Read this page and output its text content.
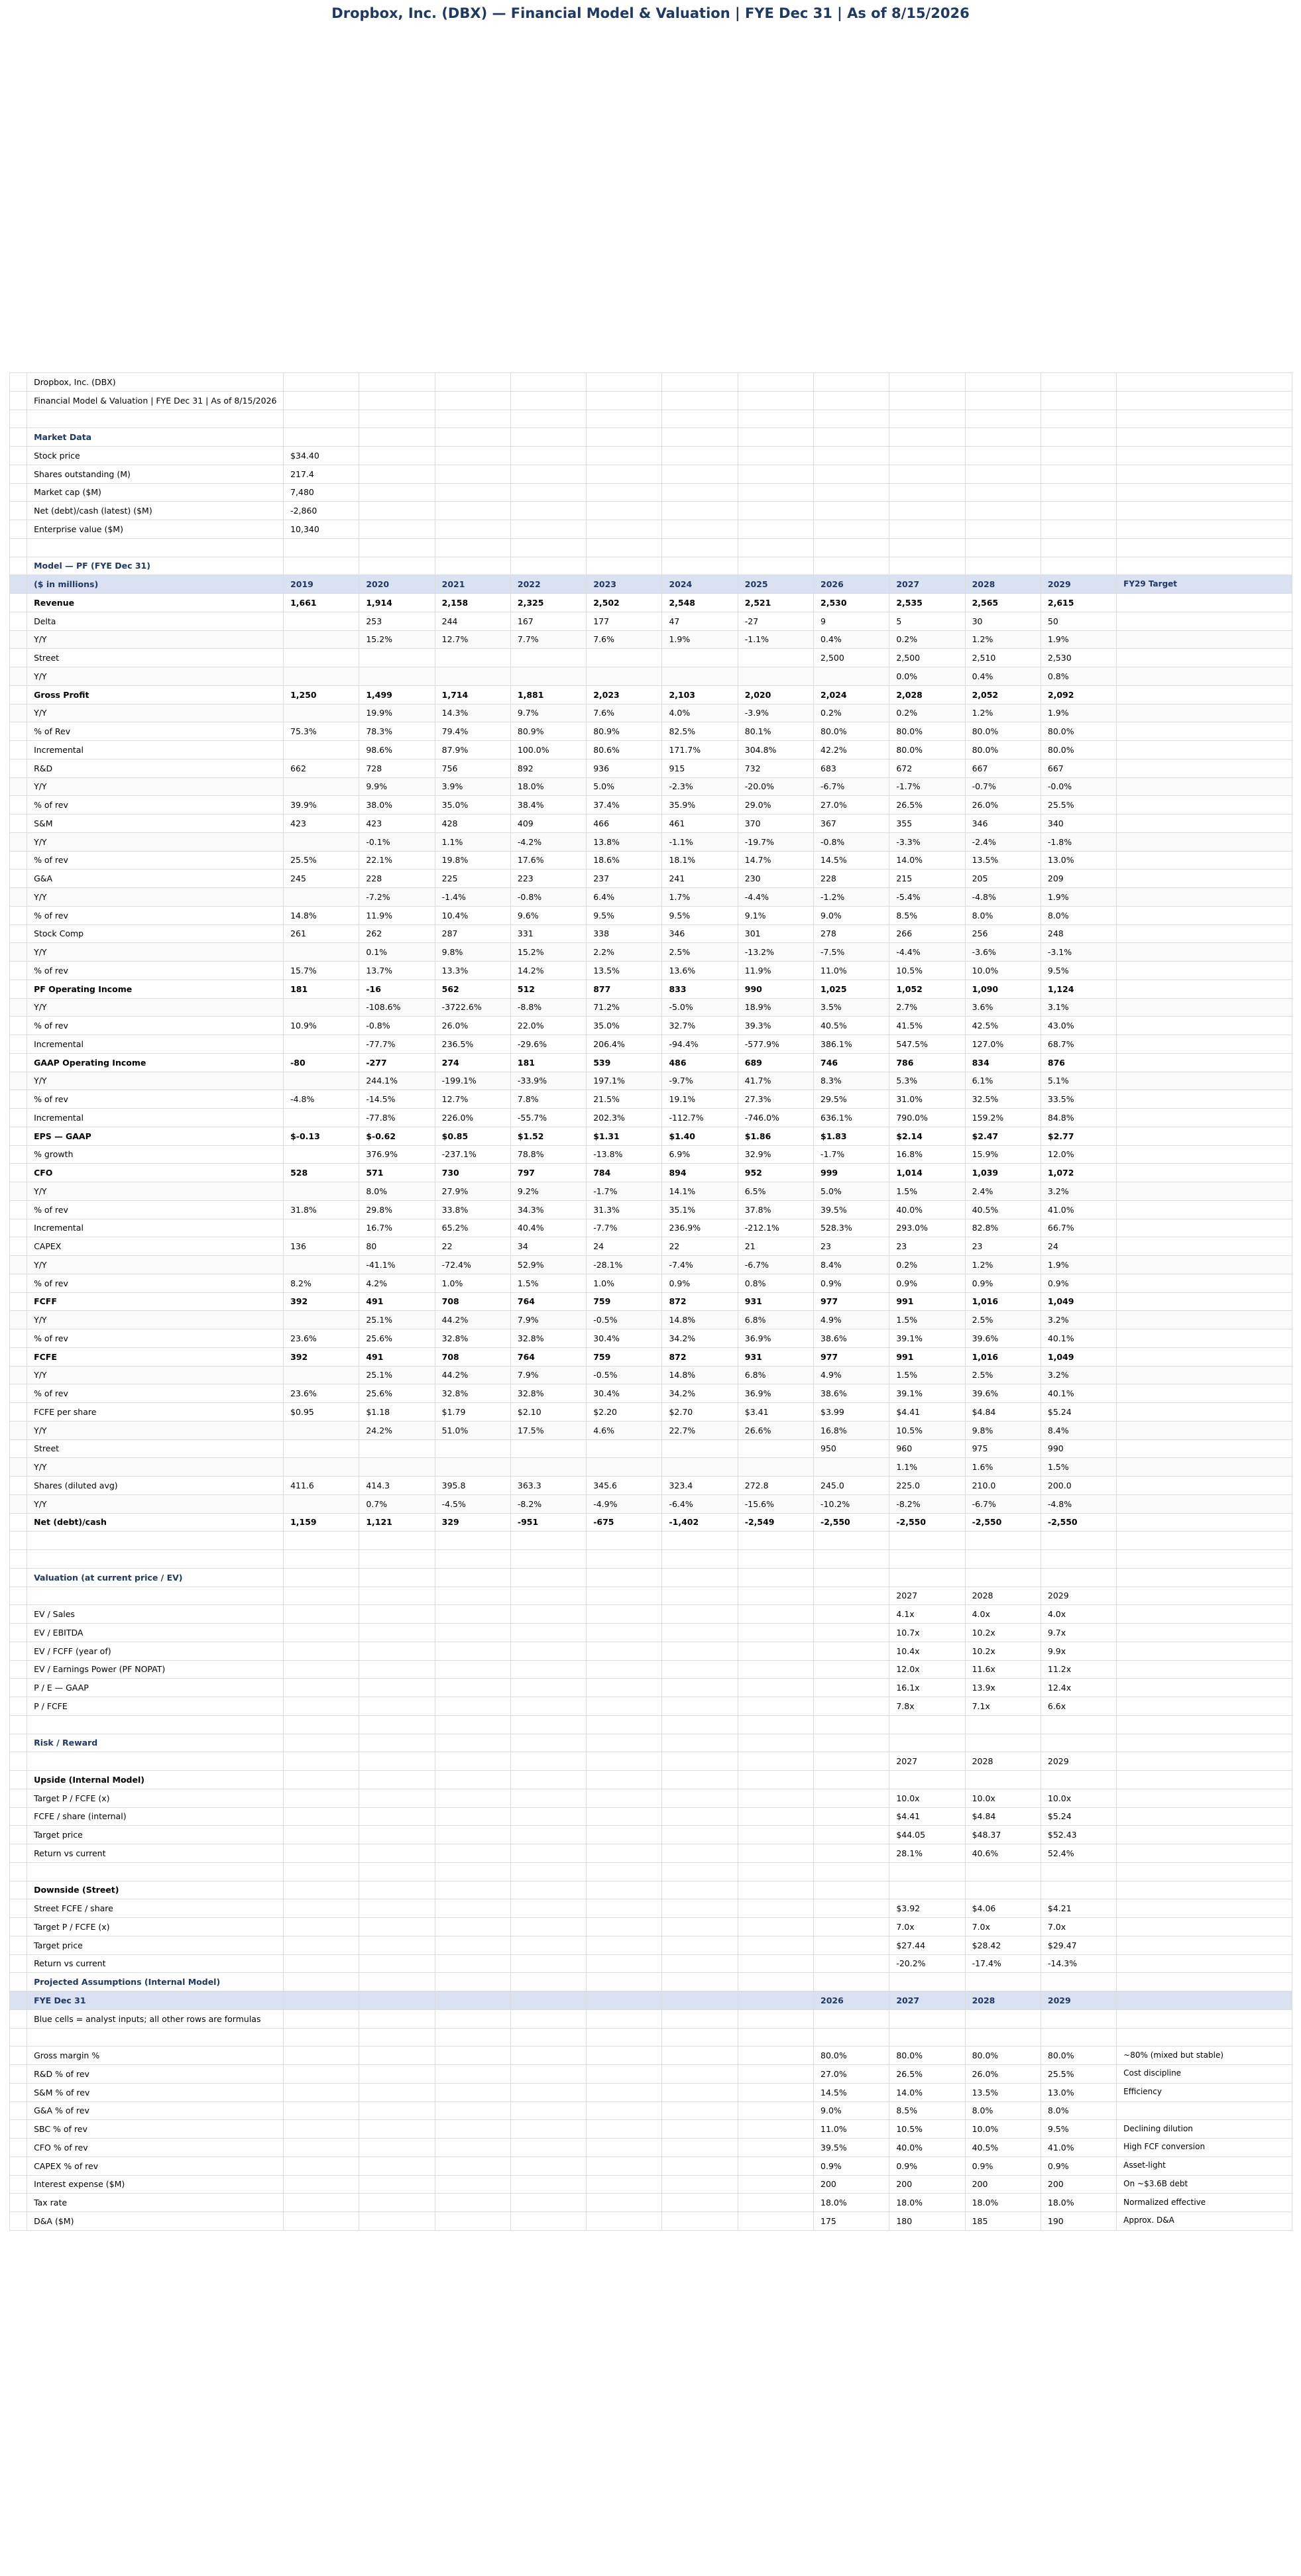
Dropbox, Inc. (DBX) — Financial Model & Valuation | FYE Dec 31 | As of 8/15/2026
	Dropbox, Inc. (DBX)												
	Financial Model & Valuation | FYE Dec 31 | As of 8/15/2026												

	Market Data												
	Stock price	$34.40											
	Shares outstanding (M)	217.4											
	Market cap ($M)	7,480											
	Net (debt)/cash (latest) ($M)	-2,860											
	Enterprise value ($M)	10,340											

	Model — PF (FYE Dec 31)												
	($ in millions)	2019	2020	2021	2022	2023	2024	2025	2026	2027	2028	2029	FY29 Target
	Revenue	1,661	1,914	2,158	2,325	2,502	2,548	2,521	2,530	2,535	2,565	2,615	
	Delta		253	244	167	177	47	-27	9	5	30	50	
	Y/Y		15.2%	12.7%	7.7%	7.6%	1.9%	-1.1%	0.4%	0.2%	1.2%	1.9%	
	Street								2,500	2,500	2,510	2,530	
	Y/Y									0.0%	0.4%	0.8%	
	Gross Profit	1,250	1,499	1,714	1,881	2,023	2,103	2,020	2,024	2,028	2,052	2,092	
	Y/Y		19.9%	14.3%	9.7%	7.6%	4.0%	-3.9%	0.2%	0.2%	1.2%	1.9%	
	% of Rev	75.3%	78.3%	79.4%	80.9%	80.9%	82.5%	80.1%	80.0%	80.0%	80.0%	80.0%	
	Incremental		98.6%	87.9%	100.0%	80.6%	171.7%	304.8%	42.2%	80.0%	80.0%	80.0%	
	R&D	662	728	756	892	936	915	732	683	672	667	667	
	Y/Y		9.9%	3.9%	18.0%	5.0%	-2.3%	-20.0%	-6.7%	-1.7%	-0.7%	-0.0%	
	% of rev	39.9%	38.0%	35.0%	38.4%	37.4%	35.9%	29.0%	27.0%	26.5%	26.0%	25.5%	
	S&M	423	423	428	409	466	461	370	367	355	346	340	
	Y/Y		-0.1%	1.1%	-4.2%	13.8%	-1.1%	-19.7%	-0.8%	-3.3%	-2.4%	-1.8%	
	% of rev	25.5%	22.1%	19.8%	17.6%	18.6%	18.1%	14.7%	14.5%	14.0%	13.5%	13.0%	
	G&A	245	228	225	223	237	241	230	228	215	205	209	
	Y/Y		-7.2%	-1.4%	-0.8%	6.4%	1.7%	-4.4%	-1.2%	-5.4%	-4.8%	1.9%	
	% of rev	14.8%	11.9%	10.4%	9.6%	9.5%	9.5%	9.1%	9.0%	8.5%	8.0%	8.0%	
	Stock Comp	261	262	287	331	338	346	301	278	266	256	248	
	Y/Y		0.1%	9.8%	15.2%	2.2%	2.5%	-13.2%	-7.5%	-4.4%	-3.6%	-3.1%	
	% of rev	15.7%	13.7%	13.3%	14.2%	13.5%	13.6%	11.9%	11.0%	10.5%	10.0%	9.5%	
	PF Operating Income	181	-16	562	512	877	833	990	1,025	1,052	1,090	1,124	
	Y/Y		-108.6%	-3722.6%	-8.8%	71.2%	-5.0%	18.9%	3.5%	2.7%	3.6%	3.1%	
	% of rev	10.9%	-0.8%	26.0%	22.0%	35.0%	32.7%	39.3%	40.5%	41.5%	42.5%	43.0%	
	Incremental		-77.7%	236.5%	-29.6%	206.4%	-94.4%	-577.9%	386.1%	547.5%	127.0%	68.7%	
	GAAP Operating Income	-80	-277	274	181	539	486	689	746	786	834	876	
	Y/Y		244.1%	-199.1%	-33.9%	197.1%	-9.7%	41.7%	8.3%	5.3%	6.1%	5.1%	
	% of rev	-4.8%	-14.5%	12.7%	7.8%	21.5%	19.1%	27.3%	29.5%	31.0%	32.5%	33.5%	
	Incremental		-77.8%	226.0%	-55.7%	202.3%	-112.7%	-746.0%	636.1%	790.0%	159.2%	84.8%	
	EPS — GAAP	$-0.13	$-0.62	$0.85	$1.52	$1.31	$1.40	$1.86	$1.83	$2.14	$2.47	$2.77	
	% growth		376.9%	-237.1%	78.8%	-13.8%	6.9%	32.9%	-1.7%	16.8%	15.9%	12.0%	
	CFO	528	571	730	797	784	894	952	999	1,014	1,039	1,072	
	Y/Y		8.0%	27.9%	9.2%	-1.7%	14.1%	6.5%	5.0%	1.5%	2.4%	3.2%	
	% of rev	31.8%	29.8%	33.8%	34.3%	31.3%	35.1%	37.8%	39.5%	40.0%	40.5%	41.0%	
	Incremental		16.7%	65.2%	40.4%	-7.7%	236.9%	-212.1%	528.3%	293.0%	82.8%	66.7%	
	CAPEX	136	80	22	34	24	22	21	23	23	23	24	
	Y/Y		-41.1%	-72.4%	52.9%	-28.1%	-7.4%	-6.7%	8.4%	0.2%	1.2%	1.9%	
	% of rev	8.2%	4.2%	1.0%	1.5%	1.0%	0.9%	0.8%	0.9%	0.9%	0.9%	0.9%	
	FCFF	392	491	708	764	759	872	931	977	991	1,016	1,049	
	Y/Y		25.1%	44.2%	7.9%	-0.5%	14.8%	6.8%	4.9%	1.5%	2.5%	3.2%	
	% of rev	23.6%	25.6%	32.8%	32.8%	30.4%	34.2%	36.9%	38.6%	39.1%	39.6%	40.1%	
	FCFE	392	491	708	764	759	872	931	977	991	1,016	1,049	
	Y/Y		25.1%	44.2%	7.9%	-0.5%	14.8%	6.8%	4.9%	1.5%	2.5%	3.2%	
	% of rev	23.6%	25.6%	32.8%	32.8%	30.4%	34.2%	36.9%	38.6%	39.1%	39.6%	40.1%	
	FCFE per share	$0.95	$1.18	$1.79	$2.10	$2.20	$2.70	$3.41	$3.99	$4.41	$4.84	$5.24	
	Y/Y		24.2%	51.0%	17.5%	4.6%	22.7%	26.6%	16.8%	10.5%	9.8%	8.4%	
	Street								950	960	975	990	
	Y/Y									1.1%	1.6%	1.5%	
	Shares (diluted avg)	411.6	414.3	395.8	363.3	345.6	323.4	272.8	245.0	225.0	210.0	200.0	
	Y/Y		0.7%	-4.5%	-8.2%	-4.9%	-6.4%	-15.6%	-10.2%	-8.2%	-6.7%	-4.8%	
	Net (debt)/cash	1,159	1,121	329	-951	-675	-1,402	-2,549	-2,550	-2,550	-2,550	-2,550	

	Valuation (at current price / EV)												
										2027	2028	2029	
	EV / Sales									4.1x	4.0x	4.0x	
	EV / EBITDA									10.7x	10.2x	9.7x	
	EV / FCFF (year of)									10.4x	10.2x	9.9x	
	EV / Earnings Power (PF NOPAT)									12.0x	11.6x	11.2x	
	P / E — GAAP									16.1x	13.9x	12.4x	
	P / FCFE									7.8x	7.1x	6.6x	

	Risk / Reward												
										2027	2028	2029	
	Upside (Internal Model)												
	Target P / FCFE (x)									10.0x	10.0x	10.0x	
	FCFE / share (internal)									$4.41	$4.84	$5.24	
	Target price									$44.05	$48.37	$52.43	
	Return vs current									28.1%	40.6%	52.4%	

	Downside (Street)												
	Street FCFE / share									$3.92	$4.06	$4.21	
	Target P / FCFE (x)									7.0x	7.0x	7.0x	
	Target price									$27.44	$28.42	$29.47	
	Return vs current									-20.2%	-17.4%	-14.3%	
	Projected Assumptions (Internal Model)												
	FYE Dec 31								2026	2027	2028	2029	
	Blue cells = analyst inputs; all other rows are formulas												

	Gross margin %								80.0%	80.0%	80.0%	80.0%	~80% (mixed but stable)
	R&D % of rev								27.0%	26.5%	26.0%	25.5%	Cost discipline
	S&M % of rev								14.5%	14.0%	13.5%	13.0%	Efficiency
	G&A % of rev								9.0%	8.5%	8.0%	8.0%	
	SBC % of rev								11.0%	10.5%	10.0%	9.5%	Declining dilution
	CFO % of rev								39.5%	40.0%	40.5%	41.0%	High FCF conversion
	CAPEX % of rev								0.9%	0.9%	0.9%	0.9%	Asset-light
	Interest expense ($M)								200	200	200	200	On ~$3.6B debt
	Tax rate								18.0%	18.0%	18.0%	18.0%	Normalized effective
	D&A ($M)								175	180	185	190	Approx. D&A
